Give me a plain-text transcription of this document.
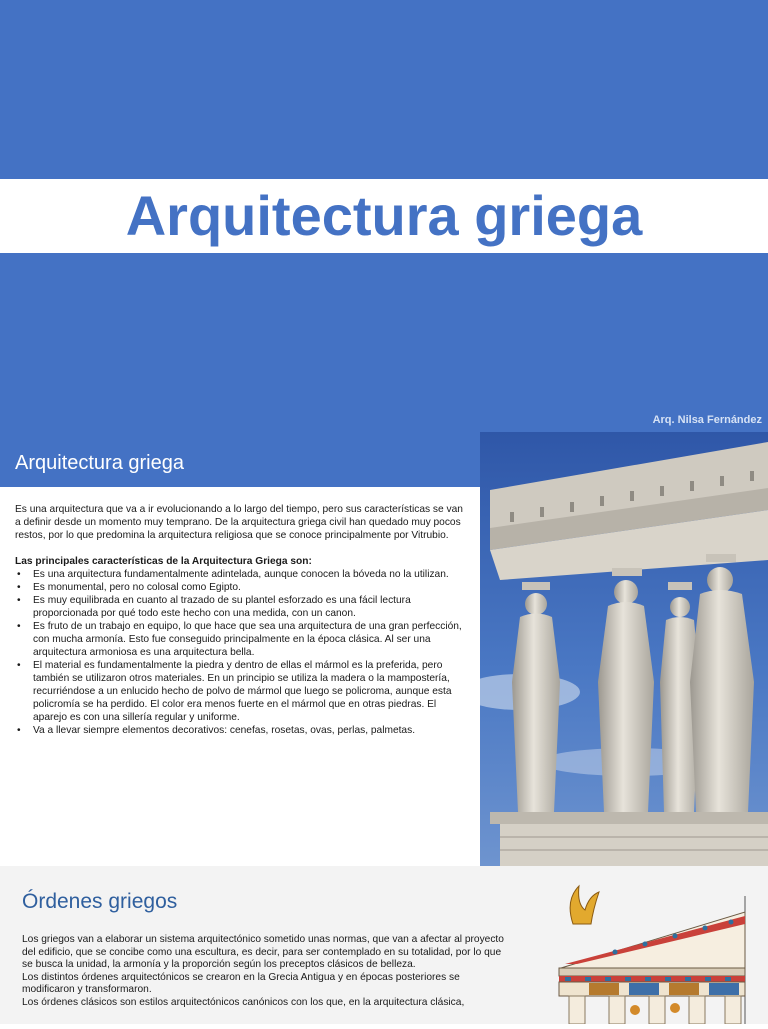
Arquitectura griega
Arq. Nilsa Fernández
Arquitectura griega

Es una arquitectura que va a ir evolucionando a lo largo del tiempo, pero sus características se van a definir desde un momento muy temprano. De la arquitectura griega civil han quedado muy pocos restos, por lo que predomina la arquitectura religiosa que se conoce principalmente por Vitrubio.

Las principales características de la Arquitectura Griega son:

• Es una arquitectura fundamentalmente adintelada, aunque conocen la bóveda no la utilizan.
• Es monumental, pero no colosal como Egipto.
• Es muy equilibrada en cuanto al trazado de su plantel esforzado es una fácil lectura proporcionada por qué todo este hecho con una medida, con un canon.
• Es fruto de un trabajo en equipo, lo que hace que sea una arquitectura de una gran perfección, con mucha armonía. Esto fue conseguido principalmente en la época clásica. Al ser una arquitectura armoniosa es una arquitectura bella.
• El material es fundamentalmente la piedra y dentro de ellas el mármol es la preferida, pero también se utilizaron otros materiales. En un principio se utiliza la madera o la mampostería, recurriéndose a un enlucido hecho de polvo de mármol que luego se policroma, aunque esta policromía se ha perdido. El color era menos fuerte en el mármol que en otras piedras. El aparejo es con una sillería regular y uniforme.
• Va a llevar siempre elementos decorativos: cenefas, rosetas, ovas, perlas, palmetas.
Órdenes griegos

Los griegos van a elaborar un sistema arquitectónico sometido unas normas, que van a afectar al proyecto del edificio, que se concibe como una escultura, es decir, para ser contemplado en su totalidad, por lo que se busca la unidad, la armonía y la proporción según los preceptos clásicos de belleza.

Los distintos órdenes arquitectónicos se crearon en la Grecia Antigua y en épocas posteriores se modificaron y transformaron.

Los órdenes clásicos son estilos arquitectónicos canónicos con los que, en la arquitectura clásica,
